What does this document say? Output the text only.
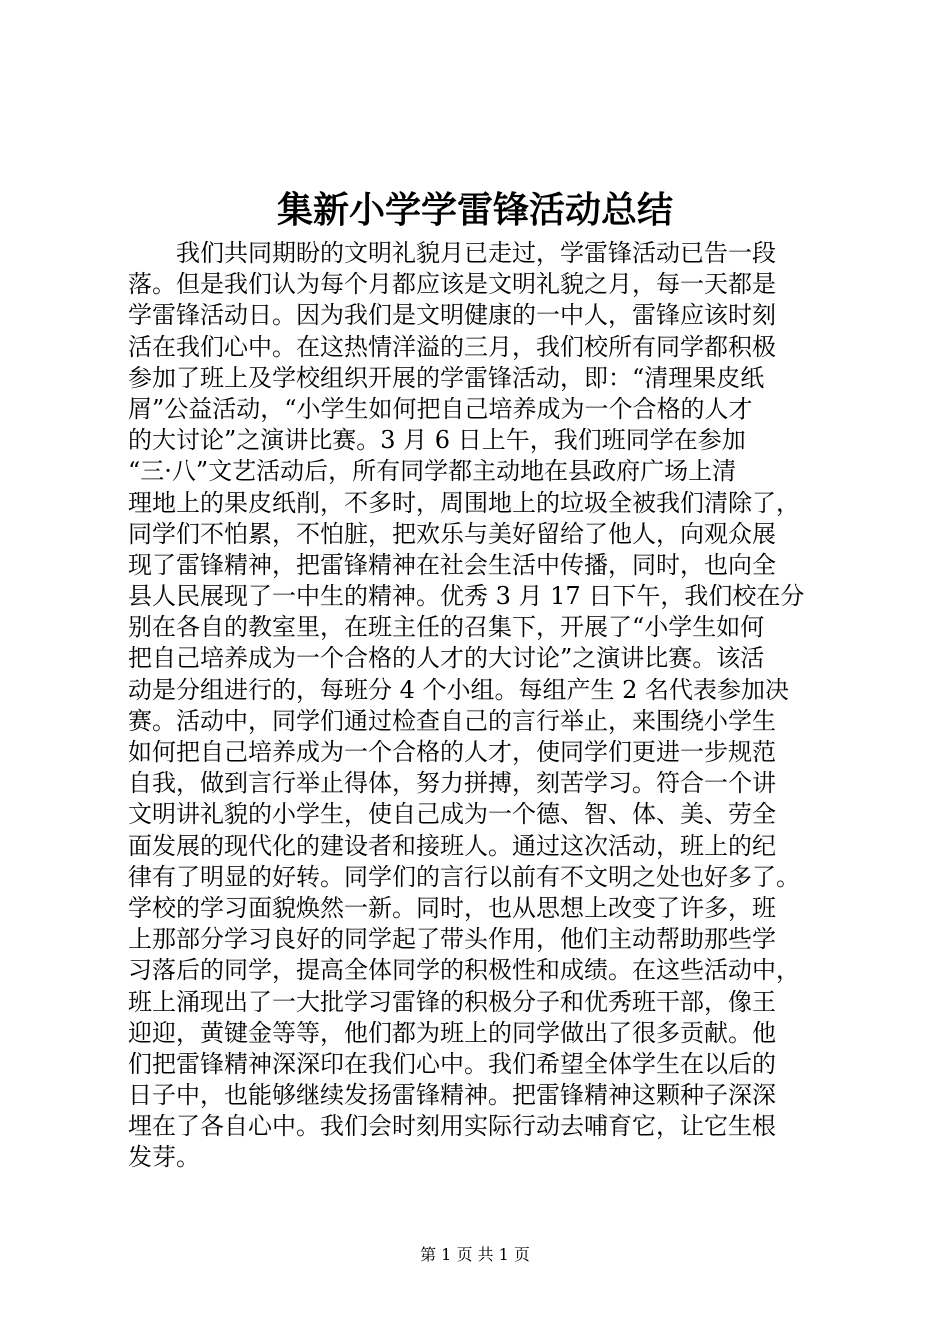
集新小学学雷锋活动总结
我们共同期盼的文明礼貌月已走过，学雷锋活动已告一段
落。但是我们认为每个月都应该是文明礼貌之月，每一天都是
学雷锋活动日。因为我们是文明健康的一中人，雷锋应该时刻
活在我们心中。在这热情洋溢的三月，我们校所有同学都积极
参加了班上及学校组织开展的学雷锋活动，即：“清理果皮纸
屑”公益活动，“小学生如何把自己培养成为一个合格的人才
的大讨论”之演讲比赛。3 月 6 日上午，我们班同学在参加
“三·八”文艺活动后，所有同学都主动地在县政府广场上清
理地上的果皮纸削，不多时，周围地上的垃圾全被我们清除了，
同学们不怕累，不怕脏，把欢乐与美好留给了他人，向观众展
现了雷锋精神，把雷锋精神在社会生活中传播，同时，也向全
县人民展现了一中生的精神。优秀 3 月 17 日下午，我们校在分
别在各自的教室里，在班主任的召集下，开展了“小学生如何
把自己培养成为一个合格的人才的大讨论”之演讲比赛。该活
动是分组进行的，每班分 4 个小组。每组产生 2 名代表参加决
赛。活动中，同学们通过检查自己的言行举止，来围绕小学生
如何把自己培养成为一个合格的人才，使同学们更进一步规范
自我，做到言行举止得体，努力拼搏，刻苦学习。符合一个讲
文明讲礼貌的小学生，使自己成为一个德、智、体、美、劳全
面发展的现代化的建设者和接班人。通过这次活动，班上的纪
律有了明显的好转。同学们的言行以前有不文明之处也好多了。
学校的学习面貌焕然一新。同时，也从思想上改变了许多，班
上那部分学习良好的同学起了带头作用，他们主动帮助那些学
习落后的同学，提高全体同学的积极性和成绩。在这些活动中，
班上涌现出了一大批学习雷锋的积极分子和优秀班干部，像王
迎迎，黄键金等等，他们都为班上的同学做出了很多贡献。他
们把雷锋精神深深印在我们心中。我们希望全体学生在以后的
日子中，也能够继续发扬雷锋精神。把雷锋精神这颗种子深深
埋在了各自心中。我们会时刻用实际行动去哺育它，让它生根
发芽。
第 1 页 共 1 页
